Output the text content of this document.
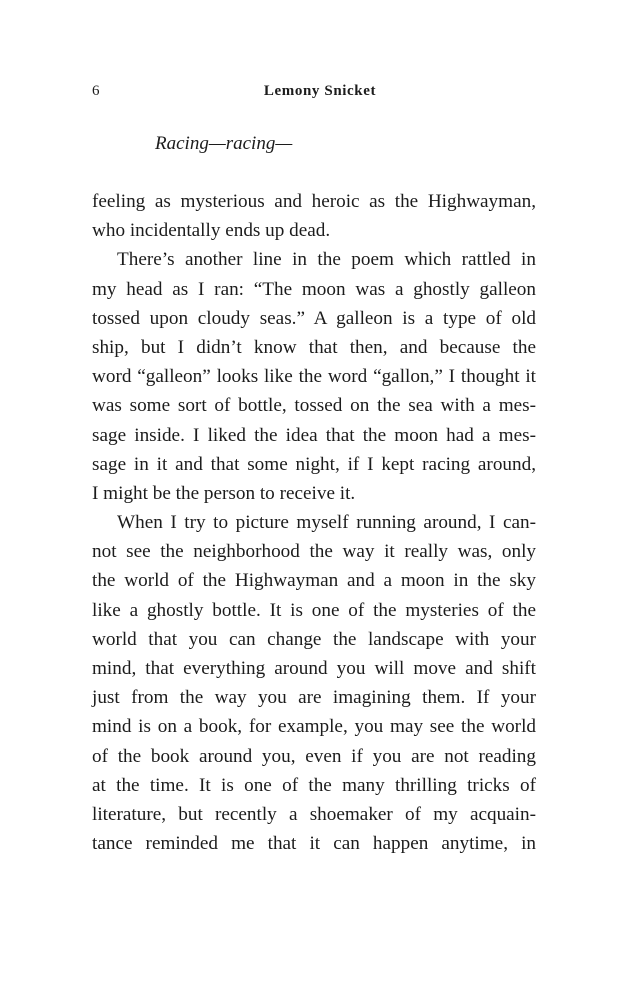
6	Lemony Snicket
Racing—racing—
feeling as mysterious and heroic as the Highwayman,
who incidentally ends up dead.
There’s another line in the poem which rattled in
my head as I ran: “The moon was a ghostly galleon
tossed upon cloudy seas.” A galleon is a type of old
ship, but I didn’t know that then, and because the
word “galleon” looks like the word “gallon,” I thought it
was some sort of bottle, tossed on the sea with a mes-
sage inside. I liked the idea that the moon had a mes-
sage in it and that some night, if I kept racing around,
I might be the person to receive it.
When I try to picture myself running around, I can-
not see the neighborhood the way it really was, only
the world of the Highwayman and a moon in the sky
like a ghostly bottle. It is one of the mysteries of the
world that you can change the landscape with your
mind, that everything around you will move and shift
just from the way you are imagining them. If your
mind is on a book, for example, you may see the world
of the book around you, even if you are not reading
at the time. It is one of the many thrilling tricks of
literature, but recently a shoemaker of my acquain-
tance reminded me that it can happen anytime, in
